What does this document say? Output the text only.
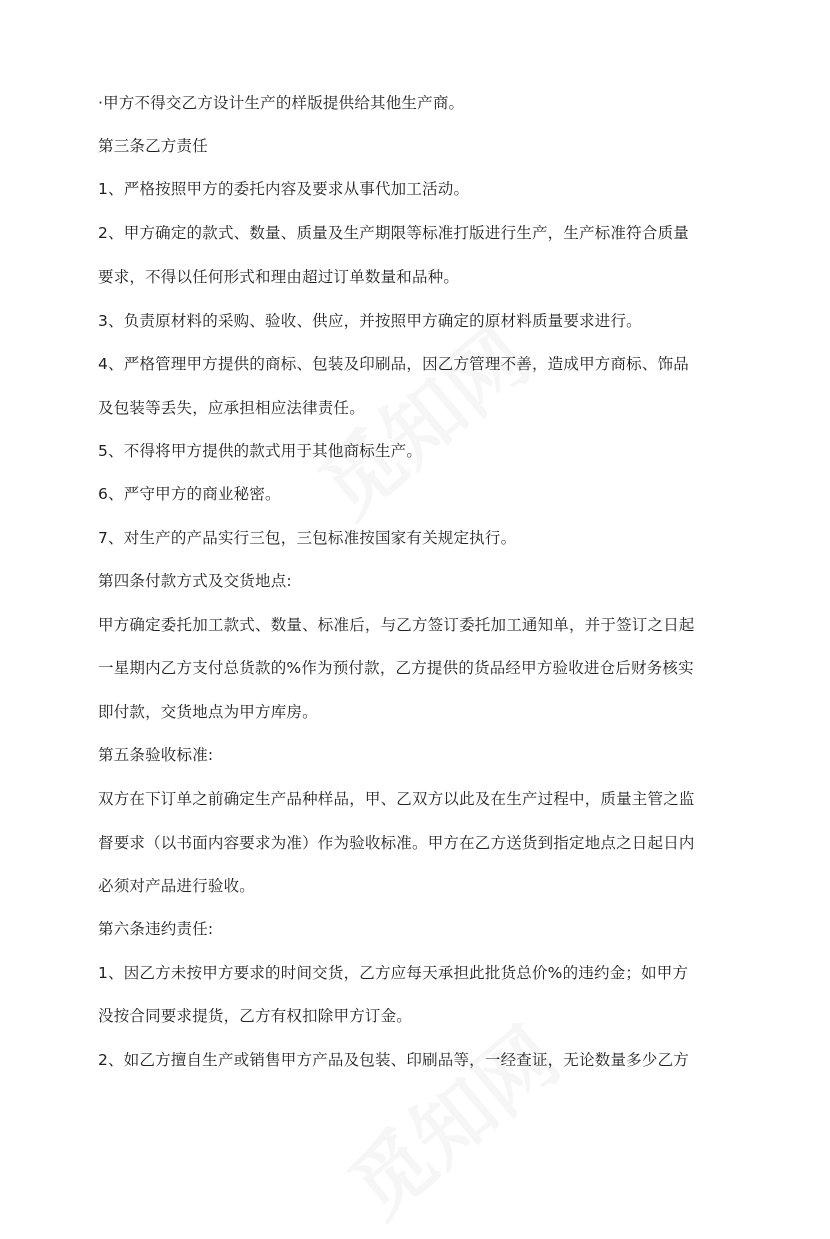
·甲方不得交乙方设计生产的样版提供给其他生产商。
第三条乙方责任
1、严格按照甲方的委托内容及要求从事代加工活动。
2、甲方确定的款式、数量、质量及生产期限等标准打版进行生产，生产标准符合质量
要求，不得以任何形式和理由超过订单数量和品种。
3、负责原材料的采购、验收、供应，并按照甲方确定的原材料质量要求进行。
4、严格管理甲方提供的商标、包装及印刷品，因乙方管理不善，造成甲方商标、饰品
及包装等丢失，应承担相应法律责任。
5、不得将甲方提供的款式用于其他商标生产。
6、严守甲方的商业秘密。
7、对生产的产品实行三包，三包标准按国家有关规定执行。
第四条付款方式及交货地点:
甲方确定委托加工款式、数量、标准后，与乙方签订委托加工通知单，并于签订之日起
一星期内乙方支付总货款的%作为预付款，乙方提供的货品经甲方验收进仓后财务核实
即付款，交货地点为甲方库房。
第五条验收标准:
双方在下订单之前确定生产品种样品，甲、乙双方以此及在生产过程中，质量主管之监
督要求（以书面内容要求为准）作为验收标准。甲方在乙方送货到指定地点之日起日内
必须对产品进行验收。
第六条违约责任:
1、因乙方未按甲方要求的时间交货，乙方应每天承担此批货总价%的违约金；如甲方
没按合同要求提货，乙方有权扣除甲方订金。
2、如乙方擅自生产或销售甲方产品及包装、印刷品等，一经查证，无论数量多少乙方
